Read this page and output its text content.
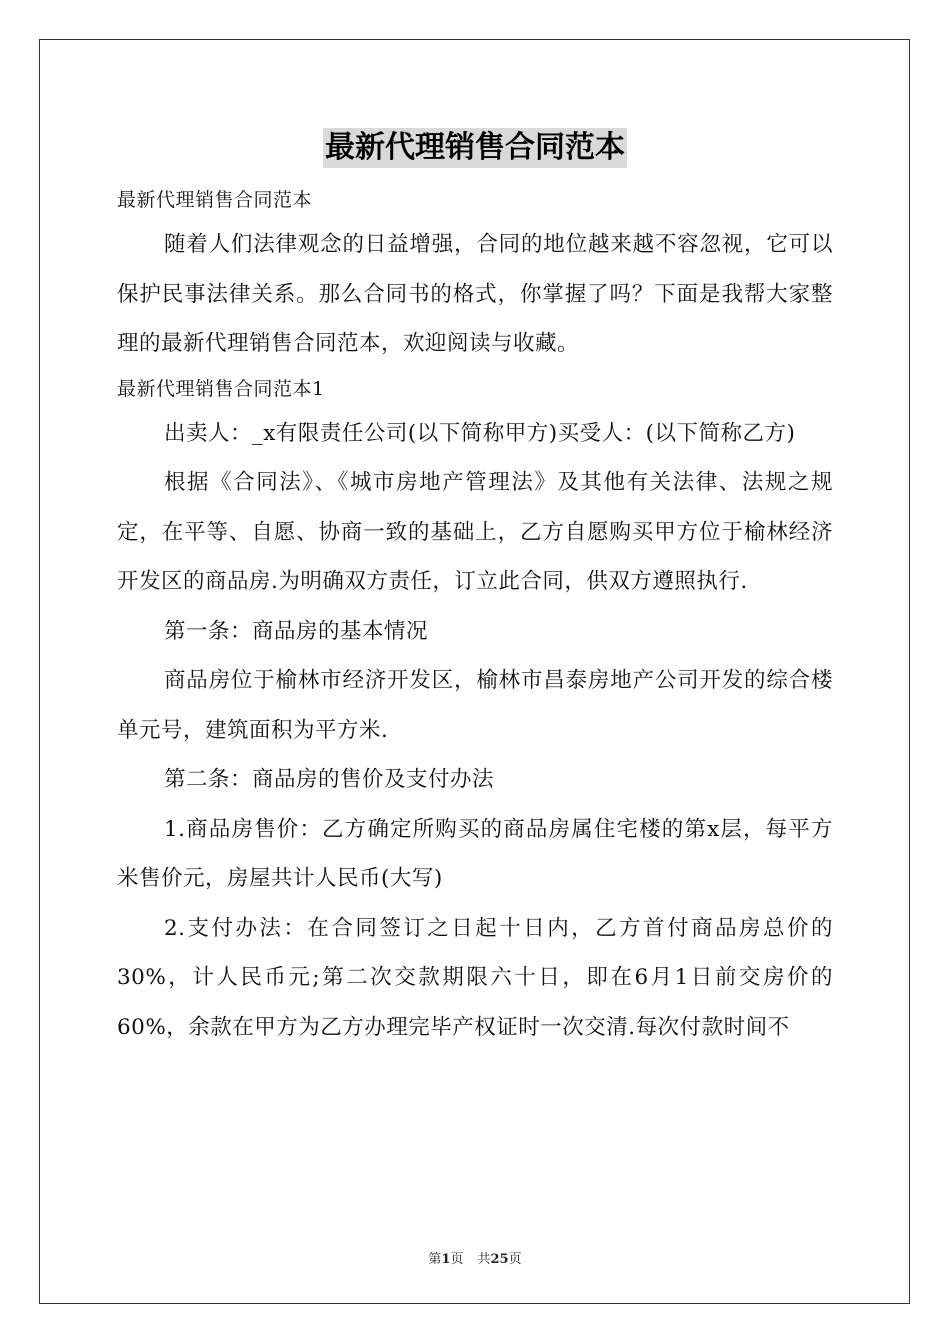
最新代理销售合同范本

最新代理销售合同范本

随着人们法律观念的日益增强，合同的地位越来越不容忽视，它可以保护民事法律关系。那么合同书的格式，你掌握了吗？下面是我帮大家整理的最新代理销售合同范本，欢迎阅读与收藏。

最新代理销售合同范本1

出卖人：_x有限责任公司(以下简称甲方)买受人：(以下简称乙方)

根据《合同法》、《城市房地产管理法》及其他有关法律、法规之规定，在平等、自愿、协商一致的基础上，乙方自愿购买甲方位于榆林经济开发区的商品房.为明确双方责任，订立此合同，供双方遵照执行.

第一条：商品房的基本情况

商品房位于榆林市经济开发区，榆林市昌泰房地产公司开发的综合楼单元号，建筑面积为平方米.

第二条：商品房的售价及支付办法

1.商品房售价：乙方确定所购买的商品房属住宅楼的第x层，每平方米售价元，房屋共计人民币(大写)

2.支付办法：在合同签订之日起十日内，乙方首付商品房总价的30%，计人民币元;第二次交款期限六十日，即在6月1日前交房价的60%，余款在甲方为乙方办理完毕产权证时一次交清.每次付款时间不

第1页 共25页
